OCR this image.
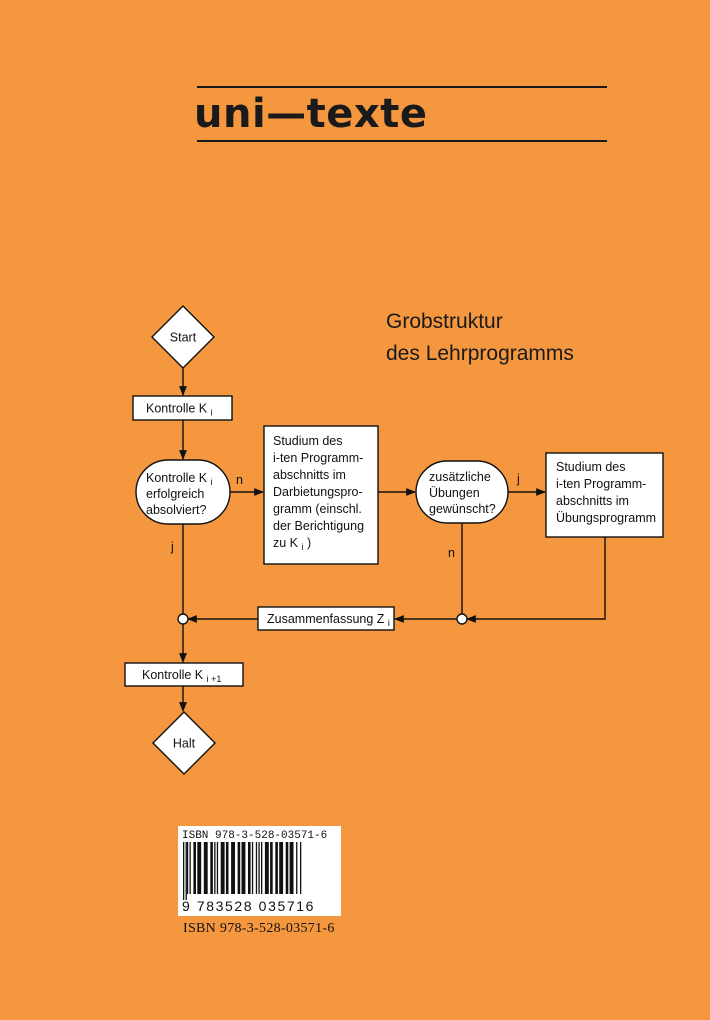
uni—texte
Grobstruktur
des Lehrprogramms
Start
Halt
Kontrolle K $_i$
Kontrolle K $_i$
erfolgreich
absolviert?
Studium des
i-ten Programm-
abschnitts im
Darbietungspro-
gramm (einschl.
der Berichtigung
zu K $_i$ )
zusätzliche
Übungen
gewünscht?
Studium des
i-ten Programm-
abschnitts im
Übungsprogramm
Zusammenfassung Z $_i$
Kontrolle K $_{i +1}$
n
j
j
n
ISBN 978-3-528-03571-6
9 783528 035716
ISBN 978-3-528-03571-6
